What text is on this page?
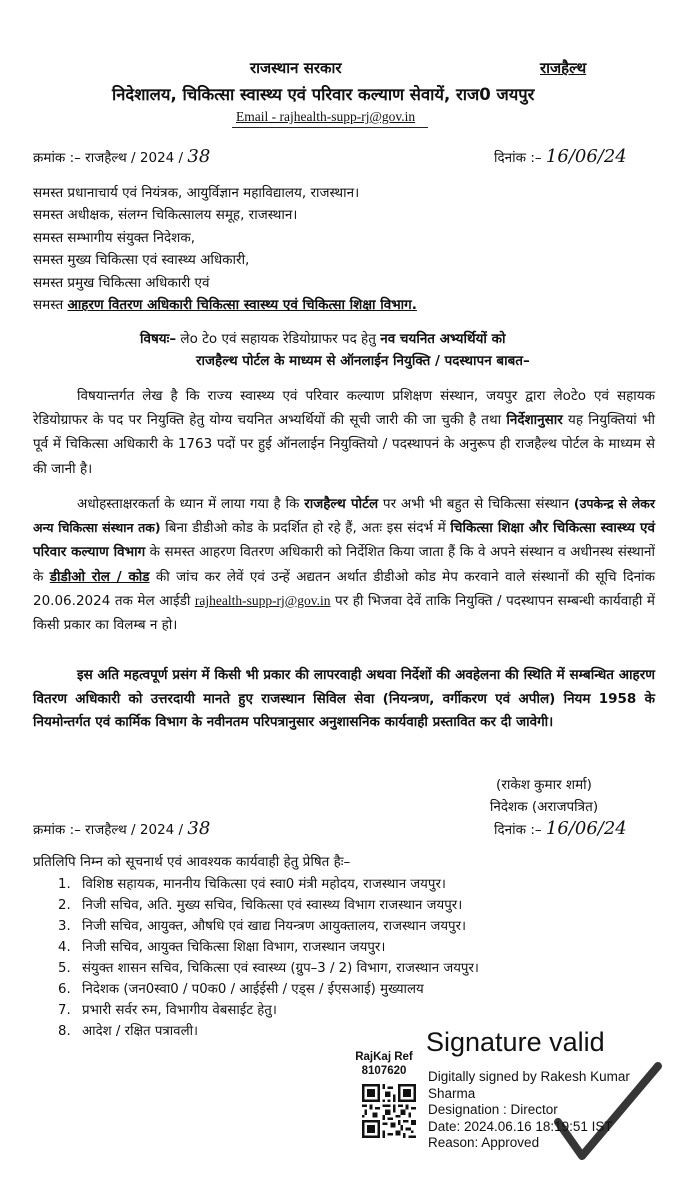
राजस्थान सरकार	राजहैल्थ
निदेशालय, चिकित्सा स्वास्थ्य एवं परिवार कल्याण सेवायें, राज0 जयपुर
Email - rajhealth-supp-rj@gov.in
क्रमांक :– राजहैल्थ / 2024 / 38	दिनांक :– 16/06/24
समस्त प्रधानाचार्य एवं नियंत्रक, आयुर्विज्ञान महाविद्यालय, राजस्थान।
समस्त अधीक्षक, संलग्न चिकित्सालय समूह, राजस्थान।
समस्त सम्भागीय संयुक्त निदेशक,
समस्त मुख्य चिकित्सा एवं स्वास्थ्य अधिकारी,
समस्त प्रमुख चिकित्सा अधिकारी एवं
समस्त आहरण वितरण अधिकारी चिकित्सा स्वास्थ्य एवं चिकित्सा शिक्षा विभाग.
विषयः– लेo टेo एवं सहायक रेडियोग्राफर पद हेतु नव चयनित अभ्यर्थियों को
राजहैल्थ पोर्टल के माध्यम से ऑनलाईन नियुक्ति / पदस्थापन बाबत–
विषयान्तर्गत लेख है कि राज्य स्वास्थ्य एवं परिवार कल्याण प्रशिक्षण संस्थान, जयपुर द्वारा लेoटेo एवं सहायक रेडियोग्राफर के पद पर नियुक्ति हेतु योग्य चयनित अभ्यर्थियों की सूची जारी की जा चुकी है तथा निर्देशानुसार यह नियुक्तियां भी पूर्व में चिकित्सा अधिकारी के 1763 पदों पर हुई ऑनलाईन नियुक्तियो / पदस्थापनं के अनुरूप ही राजहैल्थ पोर्टल के माध्यम से की जानी है।
अधोहस्ताक्षरकर्ता के ध्यान में लाया गया है कि राजहैल्थ पोर्टल पर अभी भी बहुत से चिकित्सा संस्थान (उपकेन्द्र से लेकर अन्य चिकित्सा संस्थान तक) बिना डीडीओ कोड के प्रदर्शित हो रहे हैं, अतः इस संदर्भ में चिकित्सा शिक्षा और चिकित्सा स्वास्थ्य एवं परिवार कल्याण विभाग के समस्त आहरण वितरण अधिकारी को निर्देशित किया जाता हैं कि वे अपने संस्थान व अधीनस्थ संस्थानों के डीडीओ रोल / कोड की जांच कर लेवें एवं उन्हें अद्यतन अर्थात डीडीओ कोड मेप करवाने वाले संस्थानों की सूचि दिनांक 20.06.2024 तक मेल आईडी rajhealth-supp-rj@gov.in पर ही भिजवा देवें ताकि नियुक्ति / पदस्थापन सम्बन्धी कार्यवाही में किसी प्रकार का विलम्ब न हो।
इस अति महत्वपूर्ण प्रसंग में किसी भी प्रकार की लापरवाही अथवा निर्देशों की अवहेलना की स्थिति में सम्बन्धित आहरण वितरण अधिकारी को उत्तरदायी मानते हुए राजस्थान सिविल सेवा (नियन्त्रण, वर्गीकरण एवं अपील) नियम 1958 के नियमोन्तर्गत एवं कार्मिक विभाग के नवीनतम परिपत्रानुसार अनुशासनिक कार्यवाही प्रस्तावित कर दी जावेगी।
(राकेश कुमार शर्मा)
निदेशक (अराजपत्रित)
क्रमांक :– राजहैल्थ / 2024 / 38	दिनांक :– 16/06/24
प्रतिलिपि निम्न को सूचनार्थ एवं आवश्यक कार्यवाही हेतु प्रेषित हैः–
1. विशिष्ठ सहायक, माननीय चिकित्सा एवं स्वा0 मंत्री महोदय, राजस्थान जयपुर।
2. निजी सचिव, अति. मुख्य सचिव, चिकित्सा एवं स्वास्थ्य विभाग राजस्थान जयपुर।
3. निजी सचिव, आयुक्त, औषधि एवं खाद्य नियन्त्रण आयुक्तालय, राजस्थान जयपुर।
4. निजी सचिव, आयुक्त चिकित्सा शिक्षा विभाग, राजस्थान जयपुर।
5. संयुक्त शासन सचिव, चिकित्सा एवं स्वास्थ्य (ग्रुप–3 / 2) विभाग, राजस्थान जयपुर।
6. निदेशक (जन0स्वा0 / प0क0 / आईईसी / एड्स / ईएसआई) मुख्यालय
7. प्रभारी सर्वर रुम, विभागीय वेबसाईट हेतु।
8. आदेश / रक्षित पत्रावली।
RajKaj Ref
8107620
Signature valid
Digitally signed by Rakesh Kumar
Sharma
Designation : Director
Date: 2024.06.16 18:19:51 IST
Reason: Approved
